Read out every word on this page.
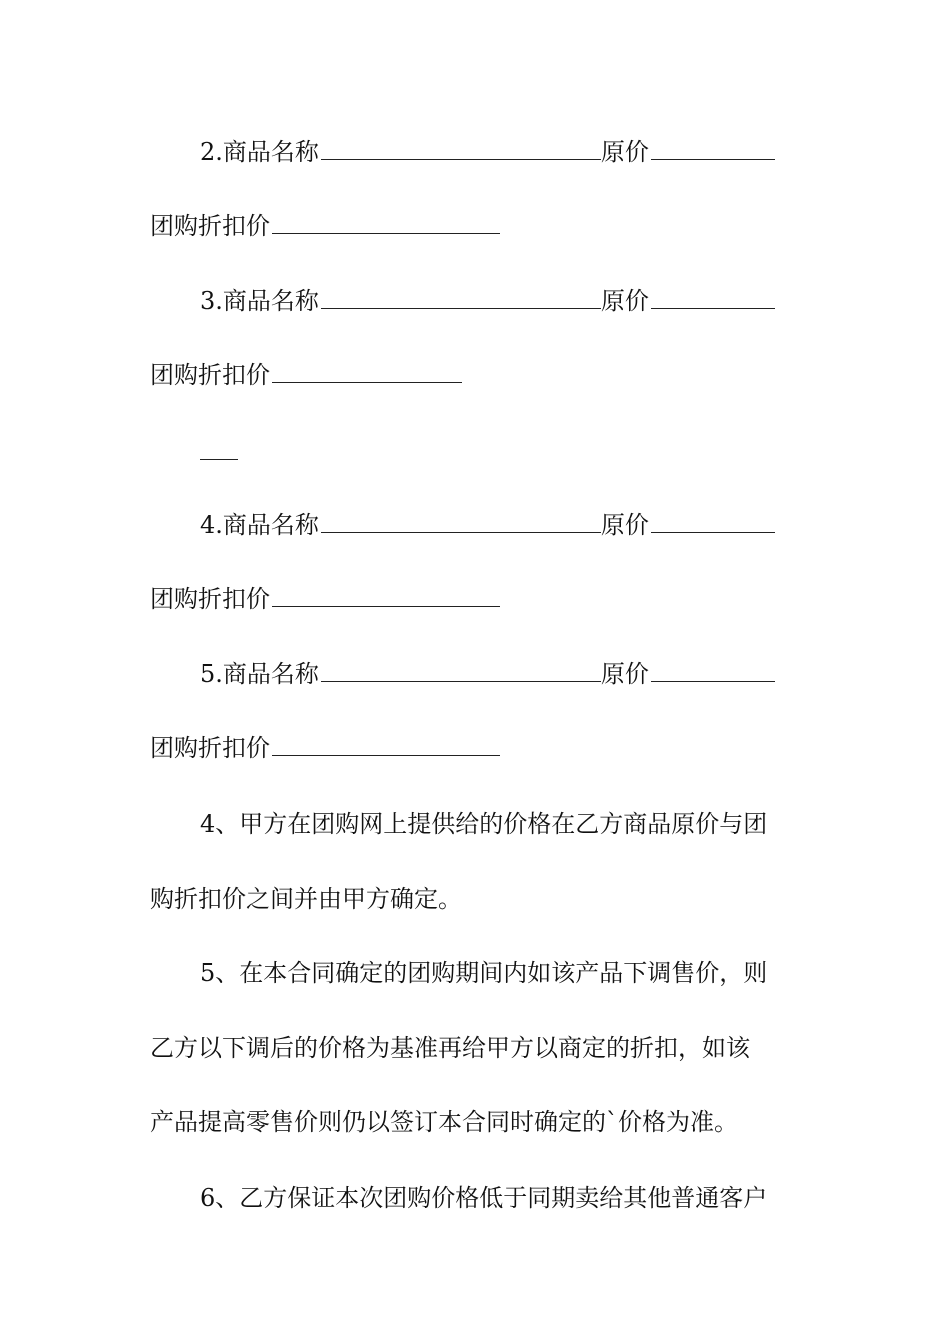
2.商品名称	原价
团购折扣价
3.商品名称	原价
团购折扣价
4.商品名称	原价
团购折扣价
5.商品名称	原价
团购折扣价
4、甲方在团购网上提供给的价格在乙方商品原价与团
购折扣价之间并由甲方确定。
5、在本合同确定的团购期间内如该产品下调售价，则
乙方以下调后的价格为基准再给甲方以商定的折扣，如该
产品提高零售价则仍以签订本合同时确定的`价格为准。
6、乙方保证本次团购价格低于同期卖给其他普通客户
